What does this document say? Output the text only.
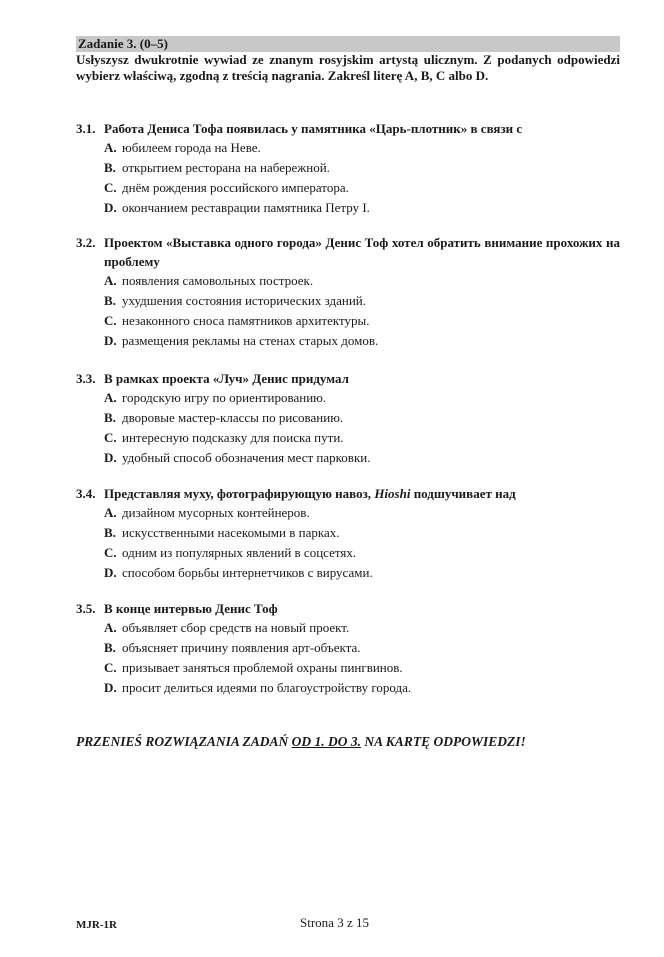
Zadanie 3. (0–5)
Usłyszysz dwukrotnie wywiad ze znanym rosyjskim artystą ulicznym. Z podanych odpowiedzi wybierz właściwą, zgodną z treścią nagrania. Zakreśl literę A, B, C albo D.
3.1. Работа Дениса Тофа появилась у памятника «Царь-плотник» в связи с
A. юбилеем города на Неве.
B. открытием ресторана на набережной.
C. днём рождения российского императора.
D. окончанием реставрации памятника Петру I.
3.2. Проектом «Выставка одного города» Денис Тоф хотел обратить внимание прохожих на проблему
A. появления самовольных построек.
B. ухудшения состояния исторических зданий.
C. незаконного сноса памятников архитектуры.
D. размещения рекламы на стенах старых домов.
3.3. В рамках проекта «Луч» Денис придумал
A. городскую игру по ориентированию.
B. дворовые мастер-классы по рисованию.
C. интересную подсказку для поиска пути.
D. удобный способ обозначения мест парковки.
3.4. Представляя муху, фотографирующую навоз, Hioshi подшучивает над
A. дизайном мусорных контейнеров.
B. искусственными насекомыми в парках.
C. одним из популярных явлений в соцсетях.
D. способом борьбы интернетчиков с вирусами.
3.5. В конце интервью Денис Тоф
A. объявляет сбор средств на новый проект.
B. объясняет причину появления арт-объекта.
C. призывает заняться проблемой охраны пингвинов.
D. просит делиться идеями по благоустройству города.
PRZENIEŚ ROZWIĄZANIA ZADAŃ OD 1. DO 3. NA KARTĘ ODPOWIEDZI!
MJR-1R	Strona 3 z 15
